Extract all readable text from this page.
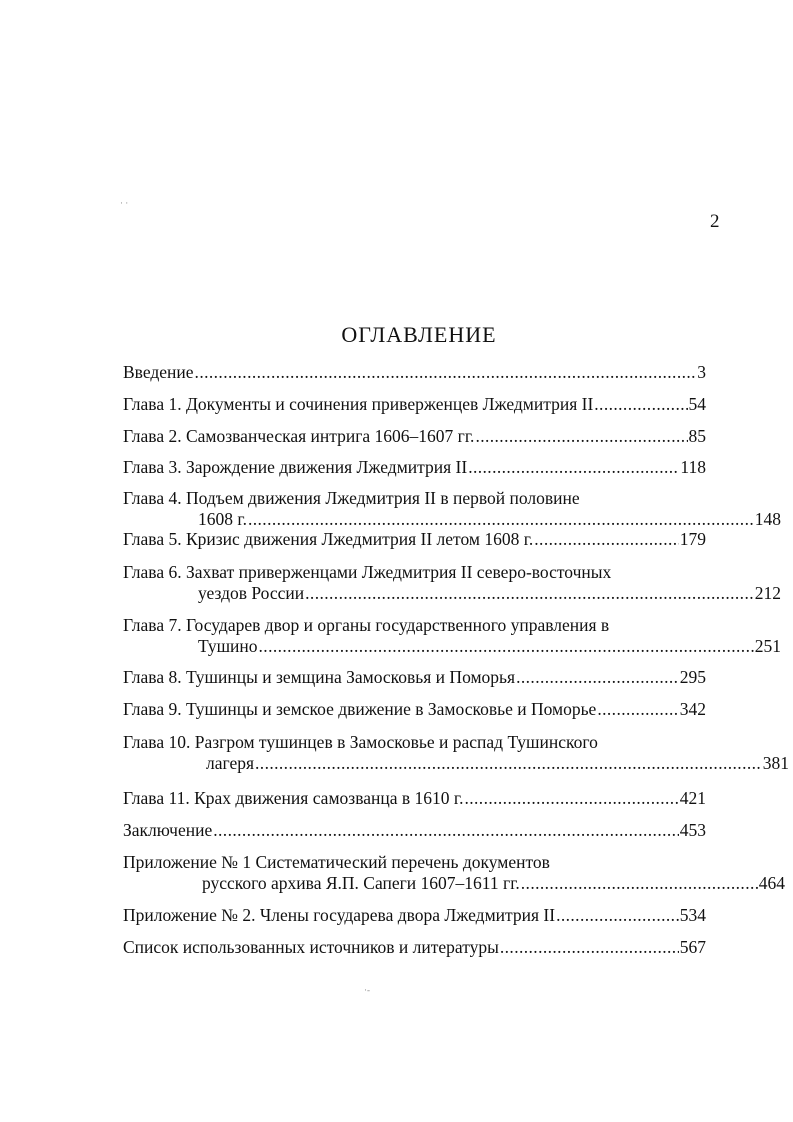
2
ОГЛАВЛЕНИЕ
Введение .....	3
Глава 1. Документы и сочинения приверженцев Лжедмитрия II .....	54
Глава 2. Самозванческая интрига 1606–1607 гг. .....	85
Глава 3. Зарождение движения Лжедмитрия II .....	118
Глава 4. Подъем движения Лжедмитрия II в первой половине
1608 г. .....	148
Глава 5. Кризис движения Лжедмитрия II летом 1608 г. .....	179
Глава 6. Захват приверженцами Лжедмитрия II северо-восточных
уездов России .....	212
Глава 7. Государев двор и органы государственного управления в
Тушино .....	251
Глава 8. Тушинцы и земщина Замосковья и Поморья .....	295
Глава 9. Тушинцы и земское движение в Замосковье и Поморье .....	342
Глава 10. Разгром тушинцев в Замосковье и распад Тушинского
лагеря .....	381
Глава 11. Крах движения самозванца в 1610 г. .....	421
Заключение .....	453
Приложение № 1 Систематический перечень документов
русского архива Я.П. Сапеги 1607–1611 гг. .....	464
Приложение № 2. Члены государева двора Лжедмитрия II .....	534
Список использованных источников и литературы .....	567
· ·
·-
